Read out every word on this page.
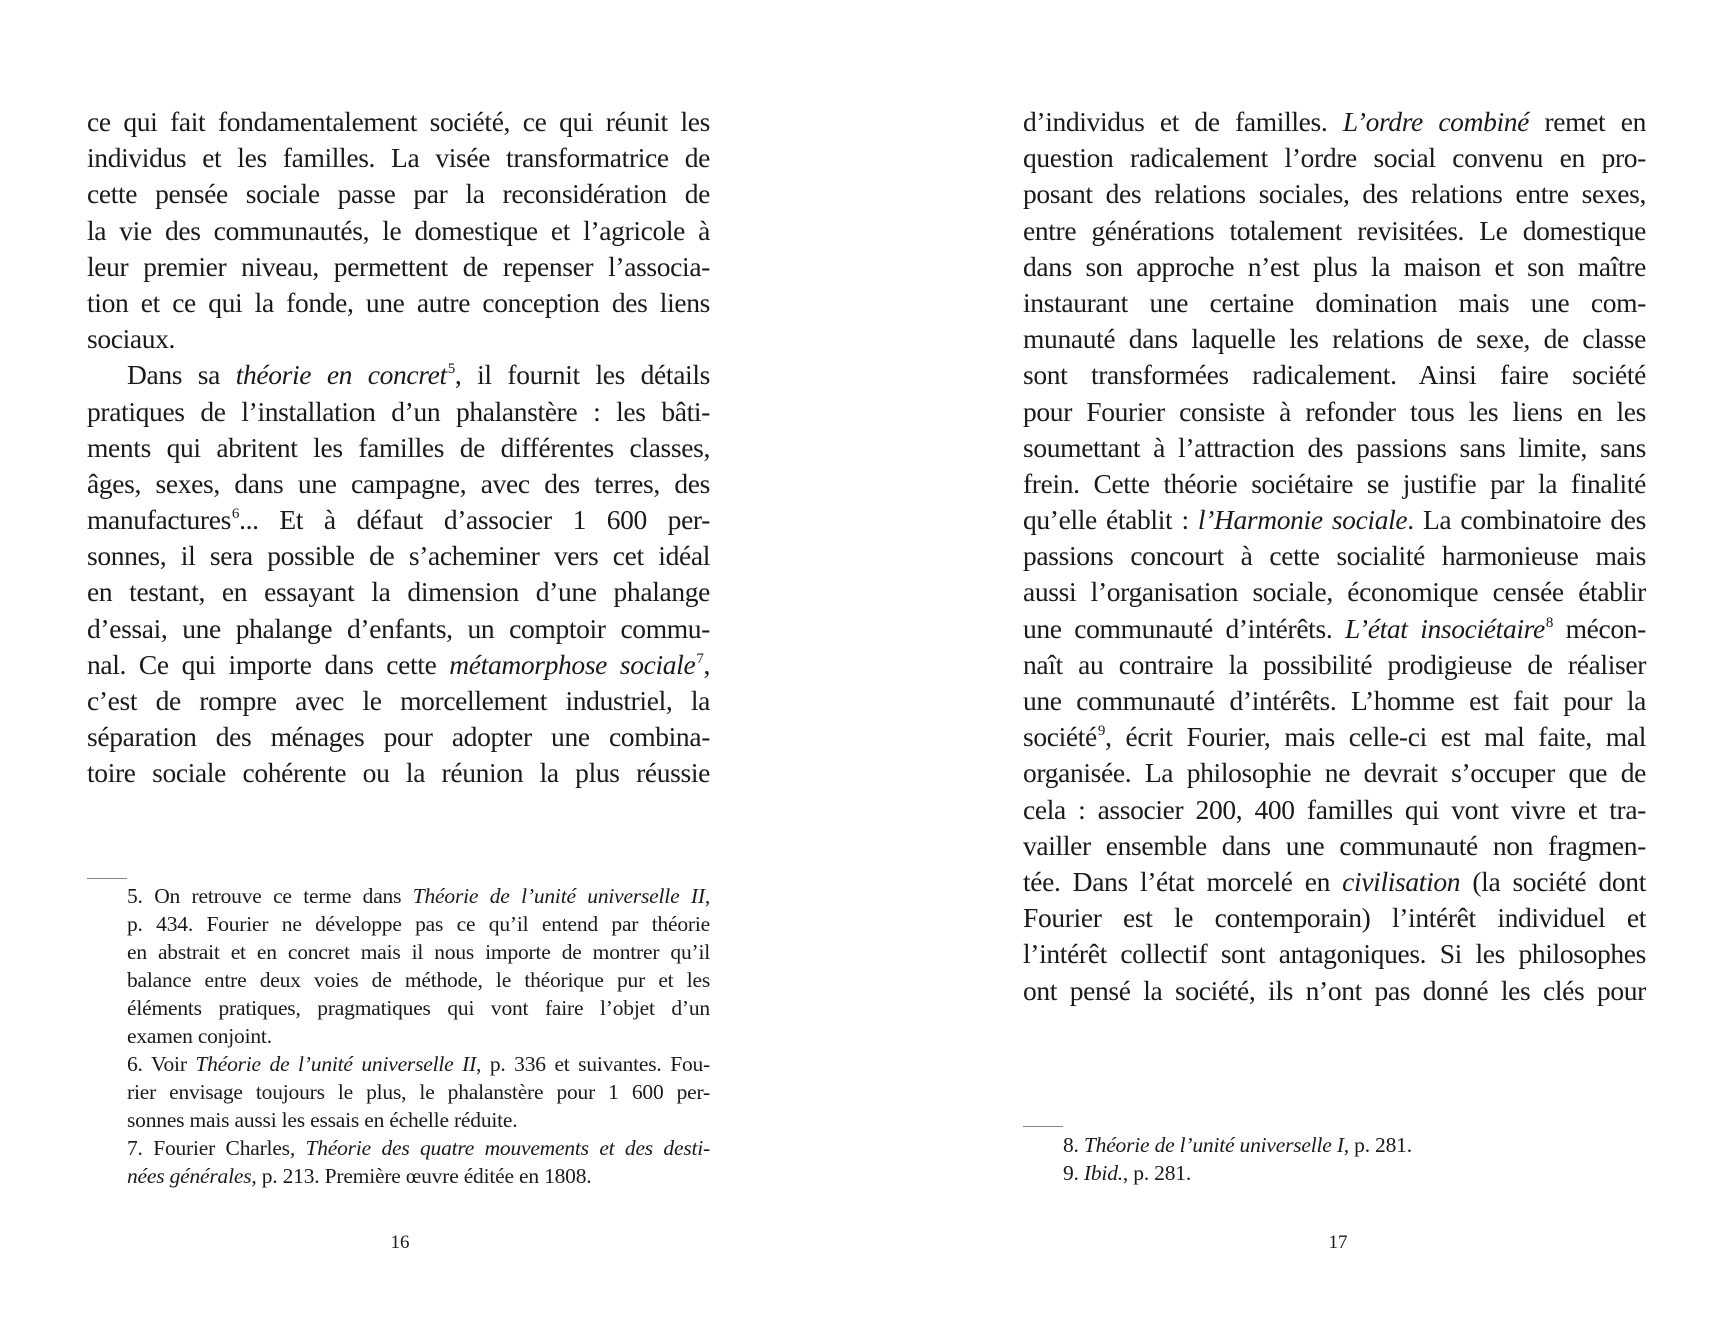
ce qui fait fondamentalement société, ce qui réunit les
individus et les familles. La visée transformatrice de
cette pensée sociale passe par la reconsidération de
la vie des communautés, le domestique et l’agricole à
leur premier niveau, permettent de repenser l’associa-
tion et ce qui la fonde, une autre conception des liens
sociaux.
Dans sa théorie en concret$^5$, il fournit les détails
pratiques de l’installation d’un phalanstère : les bâti-
ments qui abritent les familles de différentes classes,
âges, sexes, dans une campagne, avec des terres, des
manufactures$^6$... Et à défaut d’associer 1 600 per-
sonnes, il sera possible de s’acheminer vers cet idéal
en testant, en essayant la dimension d’une phalange
d’essai, une phalange d’enfants, un comptoir commu-
nal. Ce qui importe dans cette métamorphose sociale$^7$,
c’est de rompre avec le morcellement industriel, la
séparation des ménages pour adopter une combina-
toire sociale cohérente ou la réunion la plus réussie
5. On retrouve ce terme dans Théorie de l’unité universelle II,
p. 434. Fourier ne développe pas ce qu’il entend par théorie
en abstrait et en concret mais il nous importe de montrer qu’il
balance entre deux voies de méthode, le théorique pur et les
éléments pratiques, pragmatiques qui vont faire l’objet d’un
examen conjoint.
6. Voir Théorie de l’unité universelle II, p. 336 et suivantes. Fou-
rier envisage toujours le plus, le phalanstère pour 1 600 per-
sonnes mais aussi les essais en échelle réduite.
7. Fourier Charles, Théorie des quatre mouvements et des desti-
nées générales, p. 213. Première œuvre éditée en 1808.
16
d’individus et de familles. L’ordre combiné remet en
question radicalement l’ordre social convenu en pro-
posant des relations sociales, des relations entre sexes,
entre générations totalement revisitées. Le domestique
dans son approche n’est plus la maison et son maître
instaurant une certaine domination mais une com-
munauté dans laquelle les relations de sexe, de classe
sont transformées radicalement. Ainsi faire société
pour Fourier consiste à refonder tous les liens en les
soumettant à l’attraction des passions sans limite, sans
frein. Cette théorie sociétaire se justifie par la finalité
qu’elle établit : l’Harmonie sociale. La combinatoire des
passions concourt à cette socialité harmonieuse mais
aussi l’organisation sociale, économique censée établir
une communauté d’intérêts. L’état insociétaire$^8$ mécon-
naît au contraire la possibilité prodigieuse de réaliser
une communauté d’intérêts. L’homme est fait pour la
société$^9$, écrit Fourier, mais celle-ci est mal faite, mal
organisée. La philosophie ne devrait s’occuper que de
cela : associer 200, 400 familles qui vont vivre et tra-
vailler ensemble dans une communauté non fragmen-
tée. Dans l’état morcelé en civilisation (la société dont
Fourier est le contemporain) l’intérêt individuel et
l’intérêt collectif sont antagoniques. Si les philosophes
ont pensé la société, ils n’ont pas donné les clés pour
8. Théorie de l’unité universelle I, p. 281.
9. Ibid., p. 281.
17
